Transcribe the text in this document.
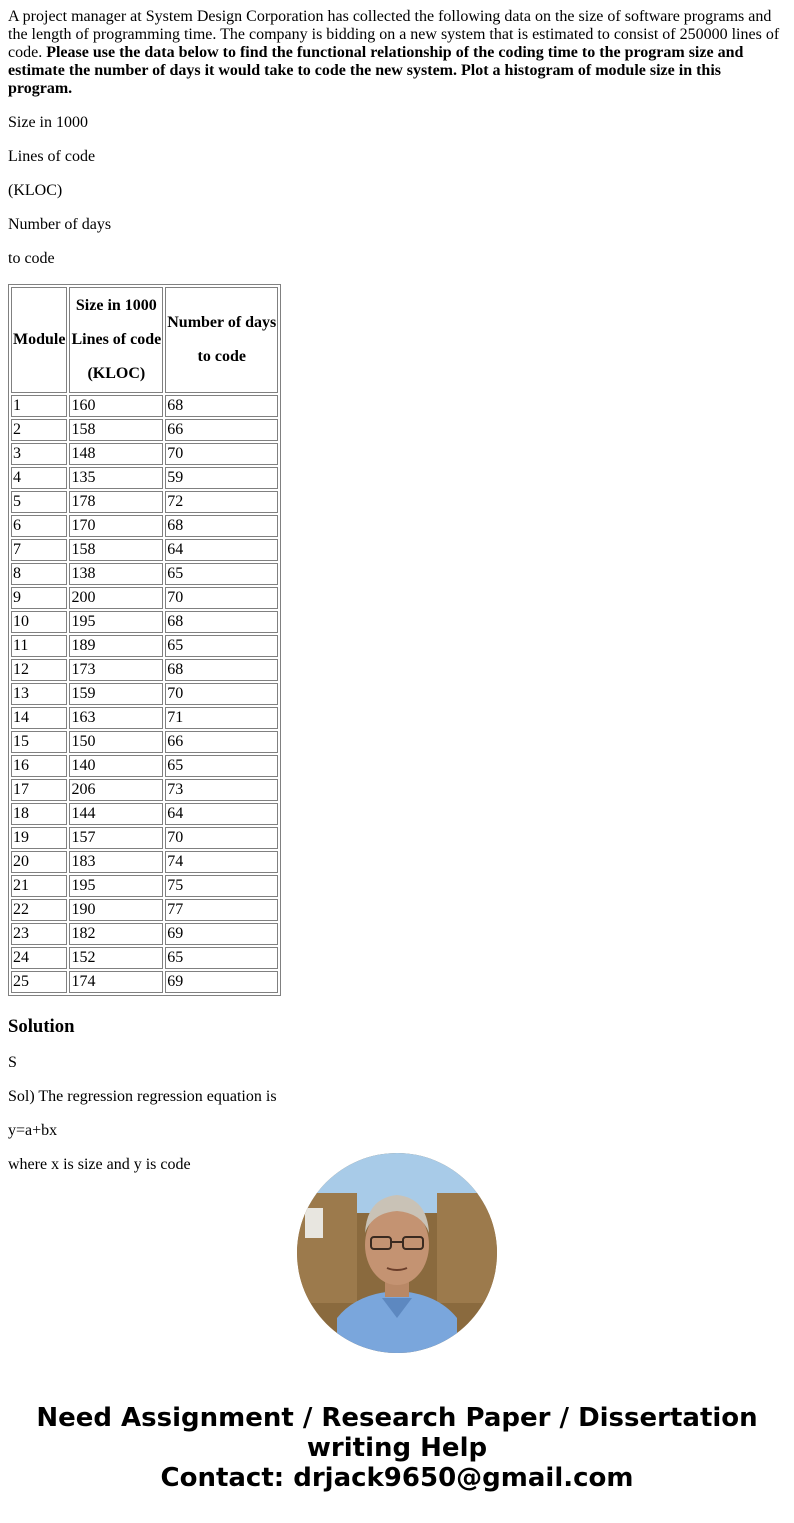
A project manager at System Design Corporation has collected the following data on the size of software programs and the length of programming time. The company is bidding on a new system that is estimated to consist of 250000 lines of code. Please use the data below to find the functional relationship of the coding time to the program size and estimate the number of days it would take to code the new system. Plot a histogram of module size in this program.

Size in 1000

Lines of code

(KLOC)

Number of days

to code

Module	Size in 1000
Lines of code
(KLOC)	Number of days
to code

1	160	68
2	158	66
3	148	70
4	135	59
5	178	72
6	170	68
7	158	64
8	138	65
9	200	70
10	195	68
11	189	65
12	173	68
13	159	70
14	163	71
15	150	66
16	140	65
17	206	73
18	144	64
19	157	70
20	183	74
21	195	75
22	190	77
23	182	69
24	152	65
25	174	69
Solution

S

Sol) The regression regression equation is

y=a+bx

where x is size and y is code

Need Assignment / Research Paper / Dissertation
writing Help
Contact: drjack9650@gmail.com
